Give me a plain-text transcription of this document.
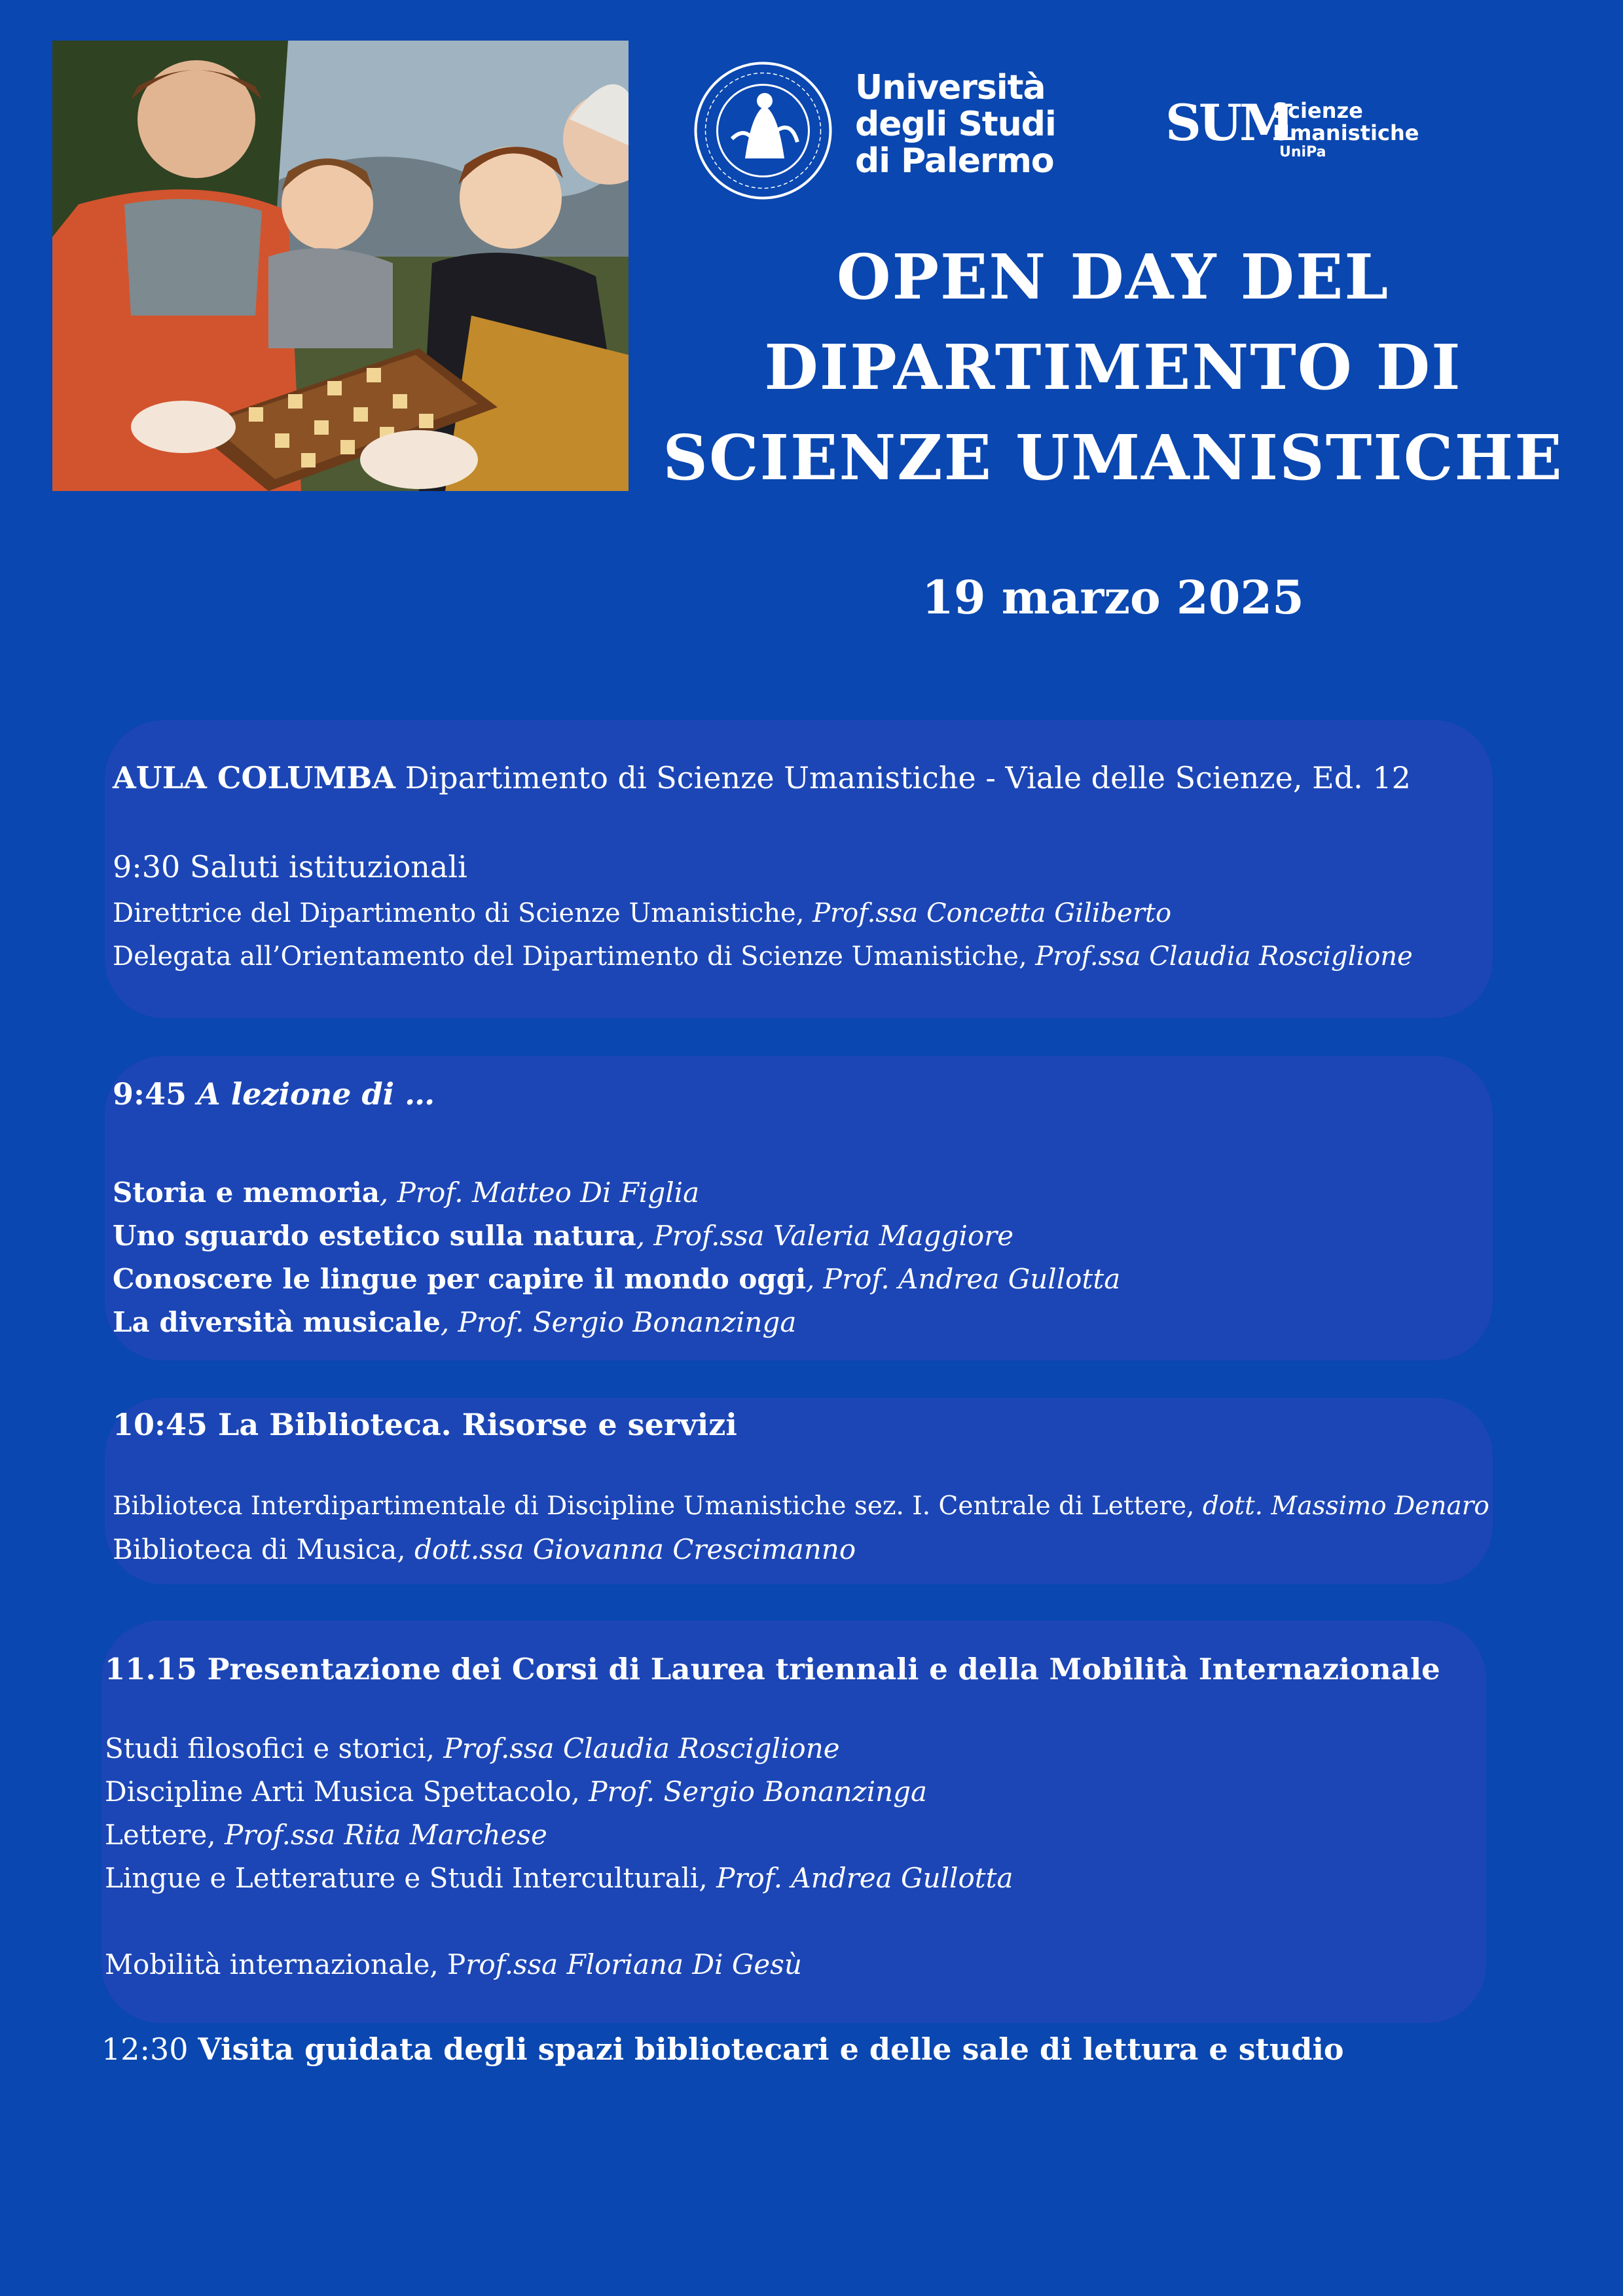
Università
degli Studi
di Palermo
SUM
Scienze
Umanistiche
UniPa
OPEN DAY DEL
DIPARTIMENTO DI
SCIENZE UMANISTICHE
19 marzo 2025
AULA COLUMBA Dipartimento di Scienze Umanistiche - Viale delle Scienze, Ed. 12
9:30 Saluti istituzionali
Direttrice del Dipartimento di Scienze Umanistiche, Prof.ssa Concetta Giliberto
Delegata all’Orientamento del Dipartimento di Scienze Umanistiche, Prof.ssa Claudia Rosciglione
9:45 A lezione di …
Storia e memoria, Prof. Matteo Di Figlia
Uno sguardo estetico sulla natura, Prof.ssa Valeria Maggiore
Conoscere le lingue per capire il mondo oggi, Prof. Andrea Gullotta
La diversità musicale, Prof. Sergio Bonanzinga
10:45 La Biblioteca. Risorse e servizi
Biblioteca Interdipartimentale di Discipline Umanistiche sez. I. Centrale di Lettere, dott. Massimo Denaro
Biblioteca di Musica, dott.ssa Giovanna Crescimanno
11.15 Presentazione dei Corsi di Laurea triennali e della Mobilità Internazionale
Studi filosofici e storici, Prof.ssa Claudia Rosciglione
Discipline Arti Musica Spettacolo, Prof. Sergio Bonanzinga
Lettere, Prof.ssa Rita Marchese
Lingue e Letterature e Studi Interculturali, Prof. Andrea Gullotta
Mobilità internazionale, Prof.ssa Floriana Di Gesù
12:30 Visita guidata degli spazi bibliotecari e delle sale di lettura e studio
